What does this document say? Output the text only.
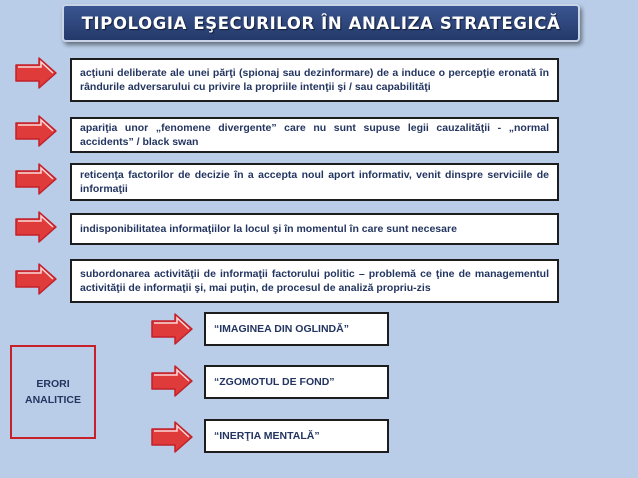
TIPOLOGIA EŞECURILOR ÎN ANALIZA STRATEGICĂ
acţiuni deliberate ale unei părţi (spionaj sau dezinformare) de a induce o percepţie eronată în rândurile adversarului cu privire la propriile intenţii şi / sau capabilităţi
apariţia unor „fenomene divergente” care nu sunt supuse legii cauzalităţii - „normal accidents” / black swan
reticenţa factorilor de decizie în a accepta noul aport informativ, venit dinspre serviciile de informaţii
indisponibilitatea informaţiilor la locul şi în momentul în care sunt necesare
subordonarea activităţii de informaţii factorului politic – problemă ce ţine de managementul activităţii de informaţii şi, mai puţin, de procesul de analiză propriu-zis
ERORI
ANALITICE
“IMAGINEA DIN OGLINDĂ”
“ZGOMOTUL DE FOND”
“INERŢIA MENTALĂ”
